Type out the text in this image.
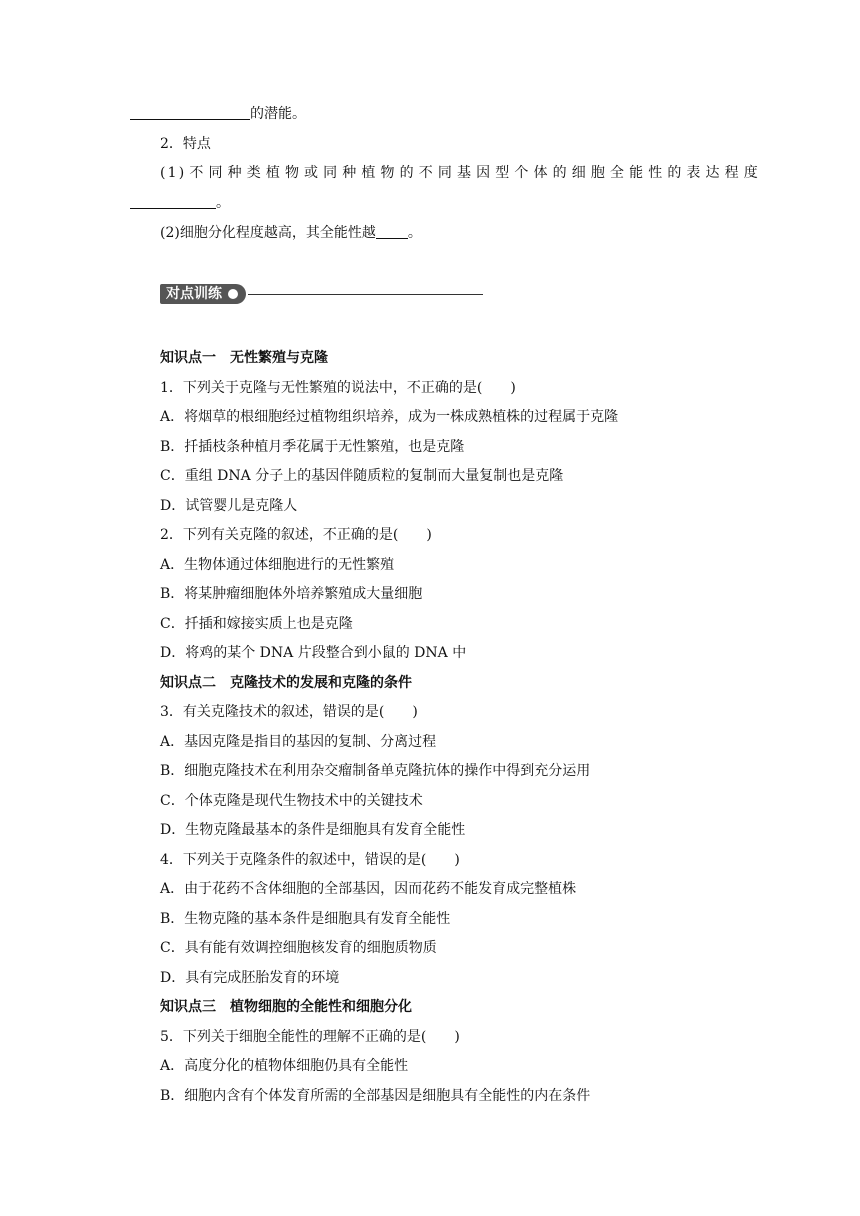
的潜能。
2．特点
(1)不同种类植物或同种植物的不同基因型个体的细胞全能性的表达程度
。
(2)细胞分化程度越高，其全能性越 。
对点训练
知识点一　无性繁殖与克隆
1．下列关于克隆与无性繁殖的说法中，不正确的是(　　)
A．将烟草的根细胞经过植物组织培养，成为一株成熟植株的过程属于克隆
B．扦插枝条种植月季花属于无性繁殖，也是克隆
C．重组 DNA 分子上的基因伴随质粒的复制而大量复制也是克隆
D．试管婴儿是克隆人
2．下列有关克隆的叙述，不正确的是(　　)
A．生物体通过体细胞进行的无性繁殖
B．将某肿瘤细胞体外培养繁殖成大量细胞
C．扦插和嫁接实质上也是克隆
D．将鸡的某个 DNA 片段整合到小鼠的 DNA 中
知识点二　克隆技术的发展和克隆的条件
3．有关克隆技术的叙述，错误的是(　　)
A．基因克隆是指目的基因的复制、分离过程
B．细胞克隆技术在利用杂交瘤制备单克隆抗体的操作中得到充分运用
C．个体克隆是现代生物技术中的关键技术
D．生物克隆最基本的条件是细胞具有发育全能性
4．下列关于克隆条件的叙述中，错误的是(　　)
A．由于花药不含体细胞的全部基因，因而花药不能发育成完整植株
B．生物克隆的基本条件是细胞具有发育全能性
C．具有能有效调控细胞核发育的细胞质物质
D．具有完成胚胎发育的环境
知识点三　植物细胞的全能性和细胞分化
5．下列关于细胞全能性的理解不正确的是(　　)
A．高度分化的植物体细胞仍具有全能性
B．细胞内含有个体发育所需的全部基因是细胞具有全能性的内在条件
